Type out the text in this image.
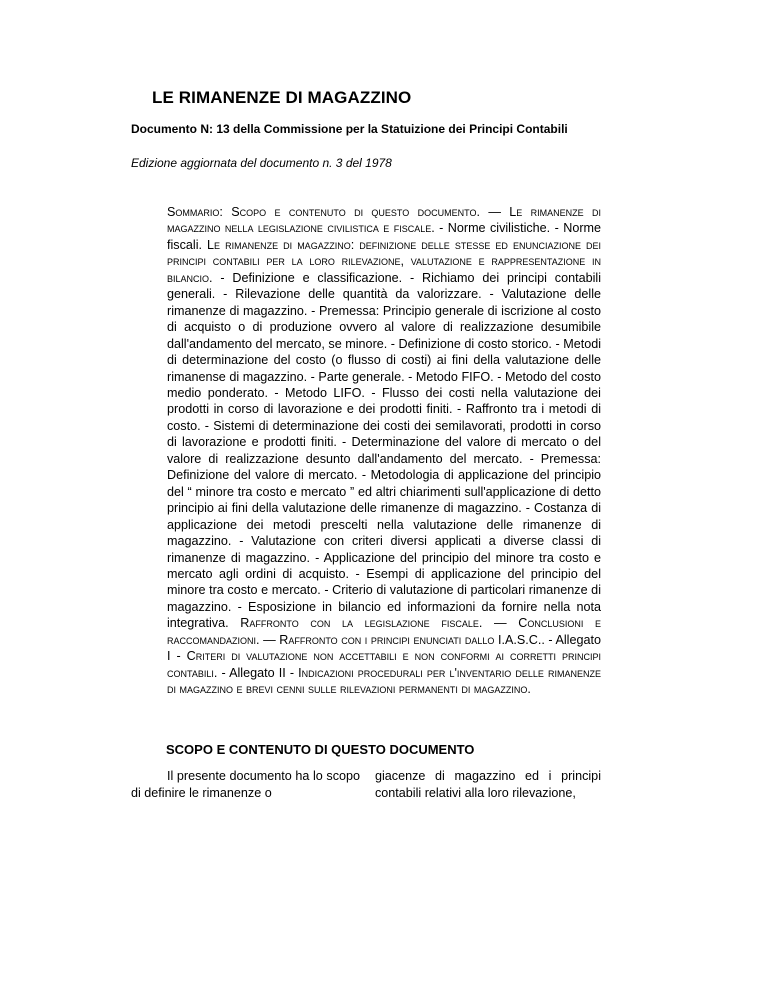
LE RIMANENZE DI MAGAZZINO

Documento N: 13 della Commissione per la Statuizione dei Principi Contabili

Edizione aggiornata del documento n. 3 del 1978

Sommario: Scopo e contenuto di questo documento. — Le rimanenze di magazzino nella legislazione civilistica e fiscale. - Norme civilistiche. - Norme fiscali. Le rimanenze di magazzino: definizione delle stesse ed enunciazione dei principi contabili per la loro rilevazione, valutazione e rappresentazione in bilancio. - Definizione e classificazione. - Richiamo dei principi contabili generali. - Rilevazione delle quantità da valorizzare. - Valutazione delle rimanenze di magazzino. - Premessa: Principio generale di iscrizione al costo di acquisto o di produzione ovvero al valore di realizzazione desumibile dall'andamento del mercato, se minore. - Definizione di costo storico. - Metodi di determinazione del costo (o flusso di costi) ai fini della valutazione delle rimanense di magazzino. - Parte generale. - Metodo FIFO. - Metodo del costo medio ponderato. - Metodo LIFO. - Flusso dei costi nella valutazione dei prodotti in corso di lavorazione e dei prodotti finiti. - Raffronto tra i metodi di costo. - Sistemi di determinazione dei costi dei semilavorati, prodotti in corso di lavorazione e prodotti finiti. - Determinazione del valore di mercato o del valore di realizzazione desunto dall'andamento del mercato. - Premessa: Definizione del valore di mercato. - Metodologia di applicazione del principio del “ minore tra costo e mercato ” ed altri chiarimenti sull'applicazione di detto principio ai fini della valutazione delle rimanenze di magazzino. - Costanza di applicazione dei metodi prescelti nella valutazione delle rimanenze di magazzino. - Valutazione con criteri diversi applicati a diverse classi di rimanenze di magazzino. - Applicazione del principio del minore tra costo e mercato agli ordini di acquisto. - Esempi di applicazione del principio del minore tra costo e mercato. - Criterio di valutazione di particolari rimanenze di magazzino. - Esposizione in bilancio ed informazioni da fornire nella nota integrativa. Raffronto con la legislazione fiscale. — Conclusioni e raccomandazioni. — Raffronto con i principi enunciati dallo I.A.S.C.. - Allegato I - Criteri di valutazione non accettabili e non conformi ai corretti principi contabili. - Allegato II - Indicazioni procedurali per l'inventario delle rimanenze di magazzino e brevi cenni sulle rilevazioni permanenti di magazzino.

SCOPO E CONTENUTO DI QUESTO DOCUMENTO

Il presente documento ha lo scopo di definire le rimanenze o

giacenze di magazzino ed i principi contabili relativi alla loro rilevazione,
